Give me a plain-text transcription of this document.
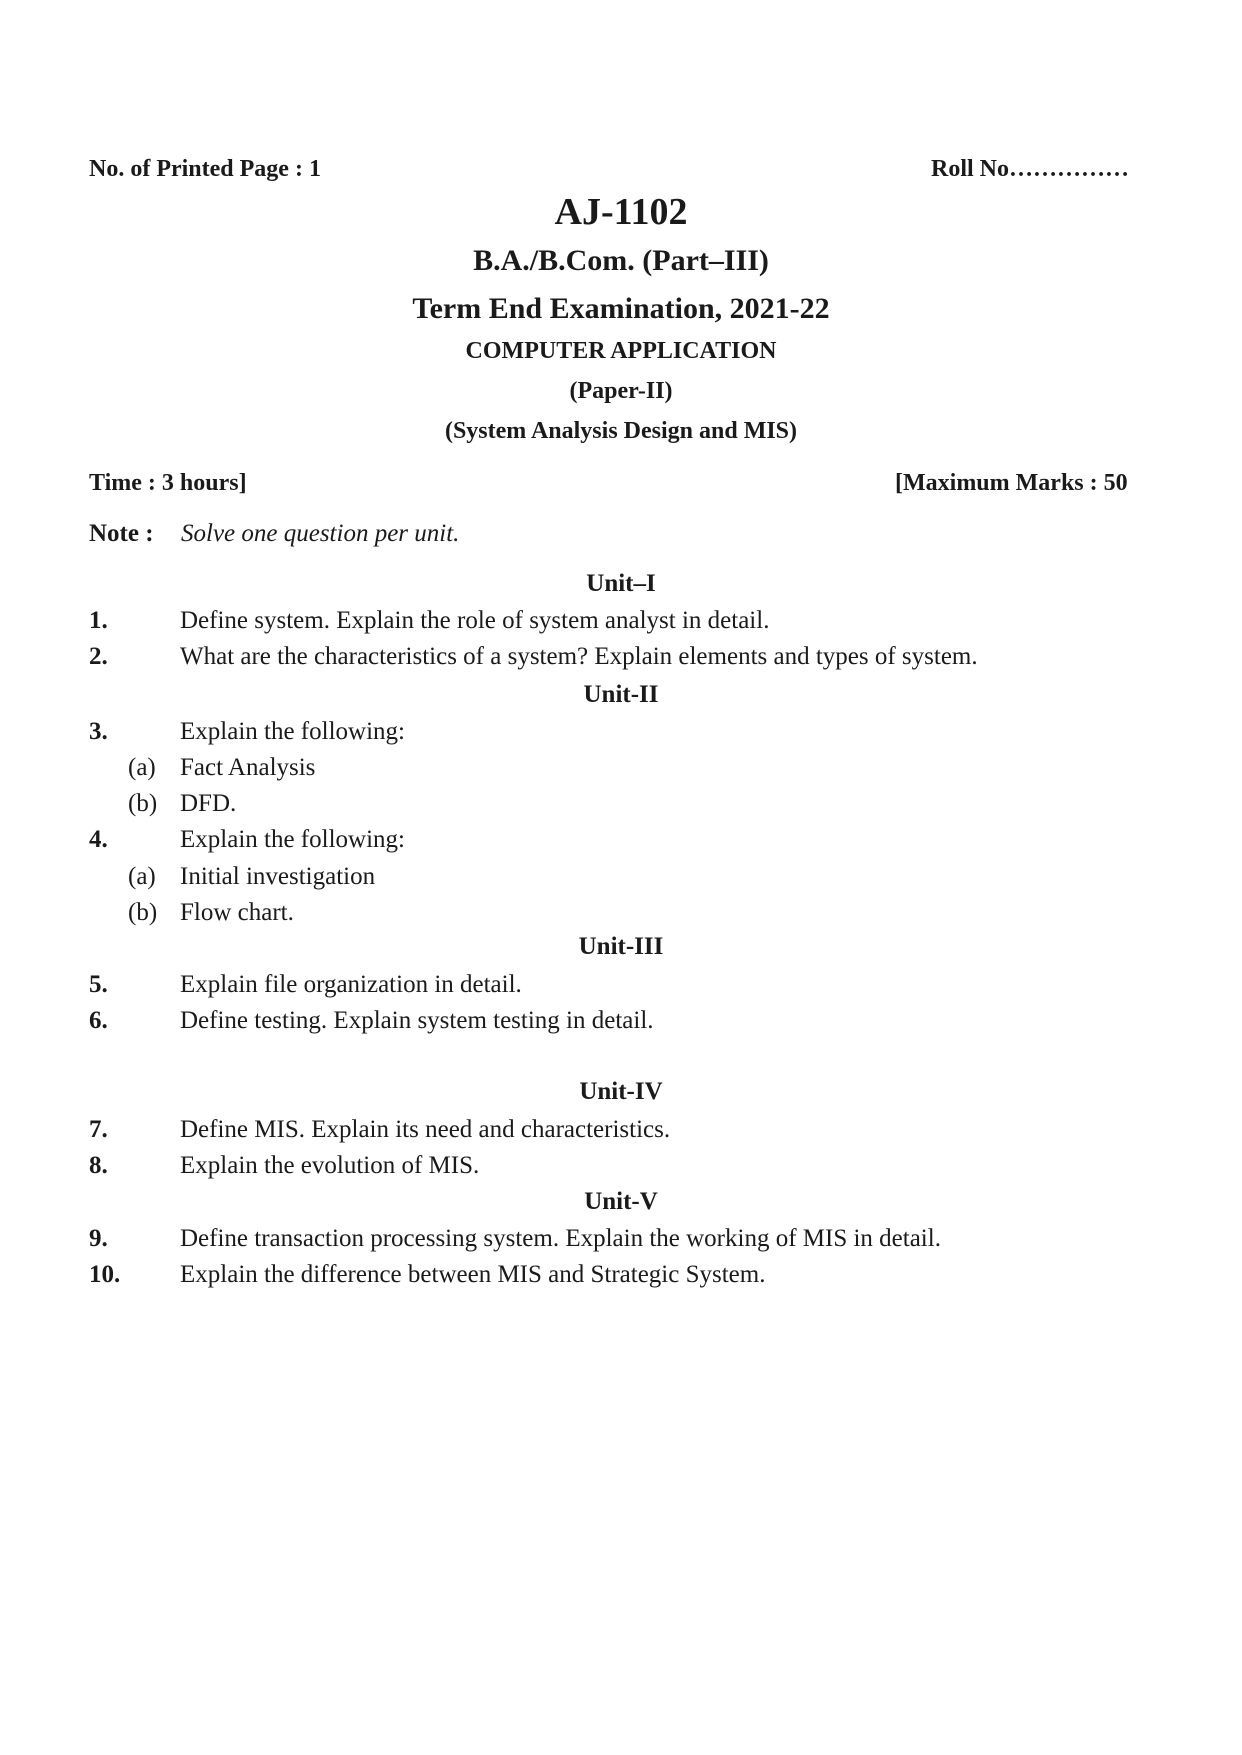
No. of Printed Page : 1	Roll No……………
AJ-1102
B.A./B.Com. (Part–III)
Term End Examination, 2021-22
COMPUTER APPLICATION
(Paper-II)
(System Analysis Design and MIS)
Time : 3 hours]	[Maximum Marks : 50
Note : Solve one question per unit.
Unit–I
1.	Define system. Explain the role of system analyst in detail.
2.	What are the characteristics of a system? Explain elements and types of system.
Unit-II
3.	Explain the following:
(a) Fact Analysis
(b) DFD.
4.	Explain the following:
(a) Initial investigation
(b) Flow chart.
Unit-III
5.	Explain file organization in detail.
6.	Define testing. Explain system testing in detail.
Unit-IV
7.	Define MIS. Explain its need and characteristics.
8.	Explain the evolution of MIS.
Unit-V
9.	Define transaction processing system. Explain the working of MIS in detail.
10. Explain the difference between MIS and Strategic System.
